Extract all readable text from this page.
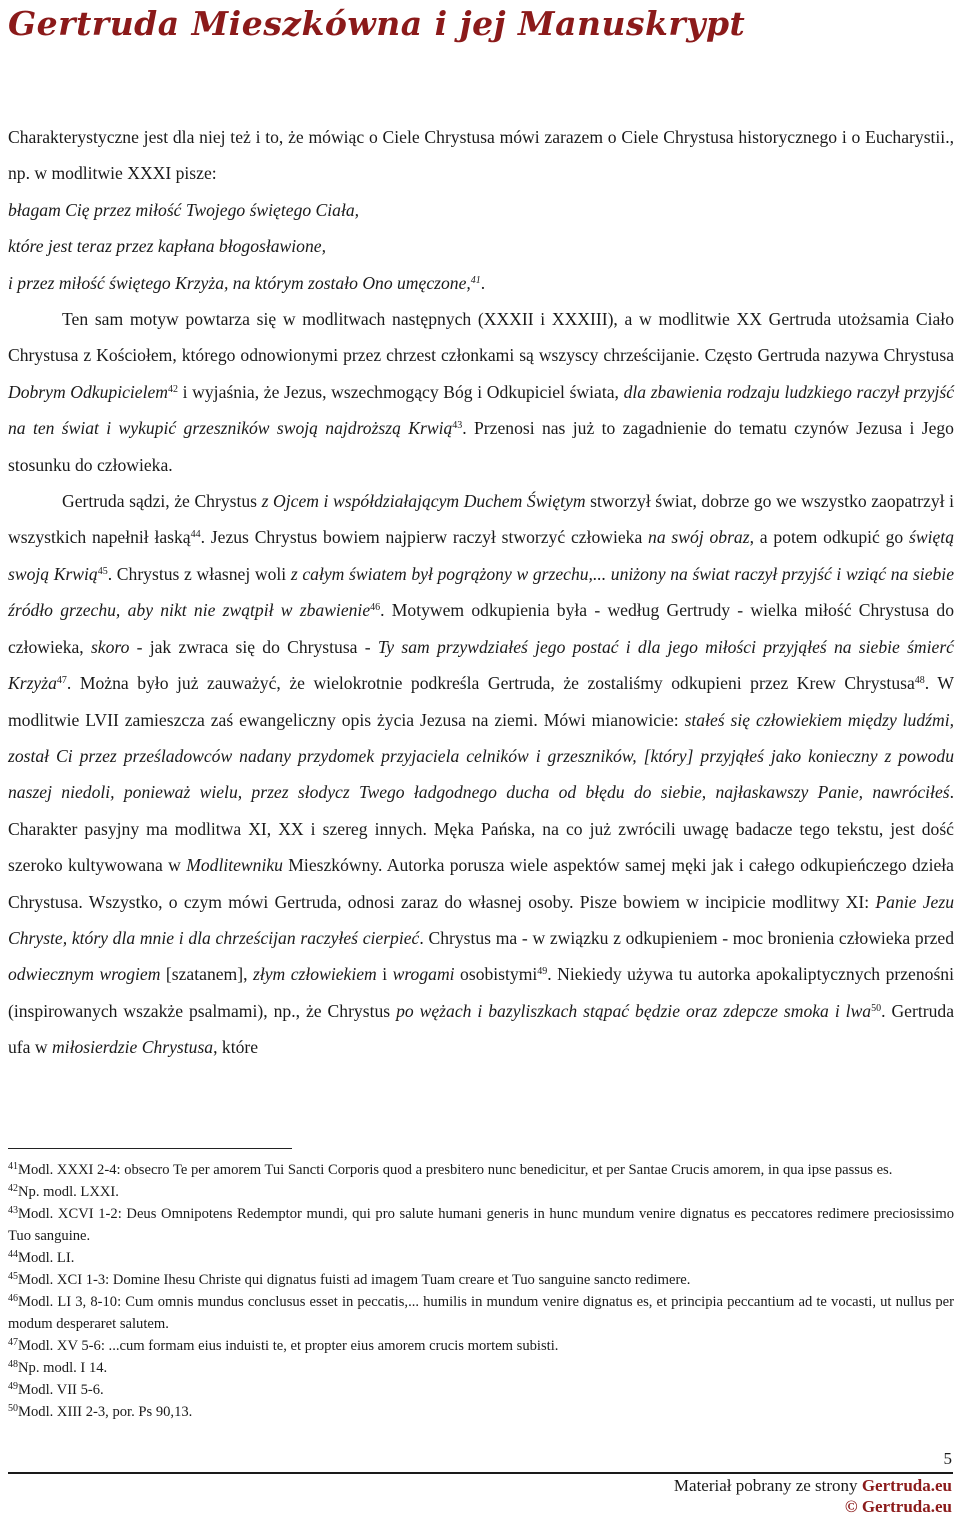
Gertruda Mieszkówna i jej Manuskrypt

Charakterystyczne jest dla niej też i to, że mówiąc o Ciele Chrystusa mówi zarazem o Ciele Chrystusa historycznego i o Eucharystii., np. w modlitwie XXXI pisze:

błagam Cię przez miłość Twojego świętego Ciała,

które jest teraz przez kapłana błogosławione,

i przez miłość świętego Krzyża, na którym zostało Ono umęczone,$^{41}$.

Ten sam motyw powtarza się w modlitwach następnych (XXXII i XXXIII), a w modlitwie XX Gertruda utożsamia Ciało Chrystusa z Kościołem, którego odnowionymi przez chrzest członkami są wszyscy chrześcijanie. Często Gertruda nazywa Chrystusa Dobrym Odkupicielem$^{42}$ i wyjaśnia, że Jezus, wszechmogący Bóg i Odkupiciel świata, dla zbawienia rodzaju ludzkiego raczył przyjść na ten świat i wykupić grzeszników swoją najdroższą Krwią$^{43}$. Przenosi nas już to zagadnienie do tematu czynów Jezusa i Jego stosunku do człowieka.

Gertruda sądzi, że Chrystus z Ojcem i współdziałającym Duchem Świętym stworzył świat, dobrze go we wszystko zaopatrzył i wszystkich napełnił łaską$^{44}$. Jezus Chrystus bowiem najpierw raczył stworzyć człowieka na swój obraz, a potem odkupić go świętą swoją Krwią$^{45}$. Chrystus z własnej woli z całym światem był pogrążony w grzechu,... uniżony na świat raczył przyjść i wziąć na siebie źródło grzechu, aby nikt nie zwątpił w zbawienie$^{46}$. Motywem odkupienia była - według Gertrudy - wielka miłość Chrystusa do człowieka, skoro - jak zwraca się do Chrystusa - Ty sam przywdziałeś jego postać i dla jego miłości przyjąłeś na siebie śmierć Krzyża$^{47}$. Można było już zauważyć, że wielokrotnie podkreśla Gertruda, że zostaliśmy odkupieni przez Krew Chrystusa$^{48}$. W modlitwie LVII zamieszcza zaś ewangeliczny opis życia Jezusa na ziemi. Mówi mianowicie: stałeś się człowiekiem między ludźmi, został Ci przez prześladowców nadany przydomek przyjaciela celników i grzeszników, [który] przyjąłeś jako konieczny z powodu naszej niedoli, ponieważ wielu, przez słodycz Twego ładgodnego ducha od błędu do siebie, najłaskawszy Panie, nawróciłeś. Charakter pasyjny ma modlitwa XI, XX i szereg innych. Męka Pańska, na co już zwrócili uwagę badacze tego tekstu, jest dość szeroko kultywowana w Modlitewniku Mieszkówny. Autorka porusza wiele aspektów samej męki jak i całego odkupieńczego dzieła Chrystusa. Wszystko, o czym mówi Gertruda, odnosi zaraz do własnej osoby. Pisze bowiem w incipicie modlitwy XI: Panie Jezu Chryste, który dla mnie i dla chrześcijan raczyłeś cierpieć. Chrystus ma - w związku z odkupieniem - moc bronienia człowieka przed odwiecznym wrogiem [szatanem], złym człowiekiem i wrogami osobistymi$^{49}$. Niekiedy używa tu autorka apokaliptycznych przenośni (inspirowanych wszakże psalmami), np., że Chrystus po wężach i bazyliszkach stąpać będzie oraz zdepcze smoka i lwa$^{50}$. Gertruda ufa w miłosierdzie Chrystusa, które

$^{41}$Modl. XXXI 2-4: obsecro Te per amorem Tui Sancti Corporis quod a presbitero nunc benedicitur, et per Santae Crucis amorem, in qua ipse passus es.

$^{42}$Np. modl. LXXI.

$^{43}$Modl. XCVI 1-2: Deus Omnipotens Redemptor mundi, qui pro salute humani generis in hunc mundum venire dignatus es peccatores redimere preciosissimo Tuo sanguine.

$^{44}$Modl. LI.

$^{45}$Modl. XCI 1-3: Domine Ihesu Christe qui dignatus fuisti ad imagem Tuam creare et Tuo sanguine sancto redimere.

$^{46}$Modl. LI 3, 8-10: Cum omnis mundus conclusus esset in peccatis,... humilis in mundum venire dignatus es, et principia peccantium ad te vocasti, ut nullus per modum desperaret salutem.

$^{47}$Modl. XV 5-6: ...cum formam eius induisti te, et propter eius amorem crucis mortem subisti.

$^{48}$Np. modl. I 14.

$^{49}$Modl. VII 5-6.

$^{50}$Modl. XIII 2-3, por. Ps 90,13.

5
Materiał pobrany ze strony Gertruda.eu
© Gertruda.eu
